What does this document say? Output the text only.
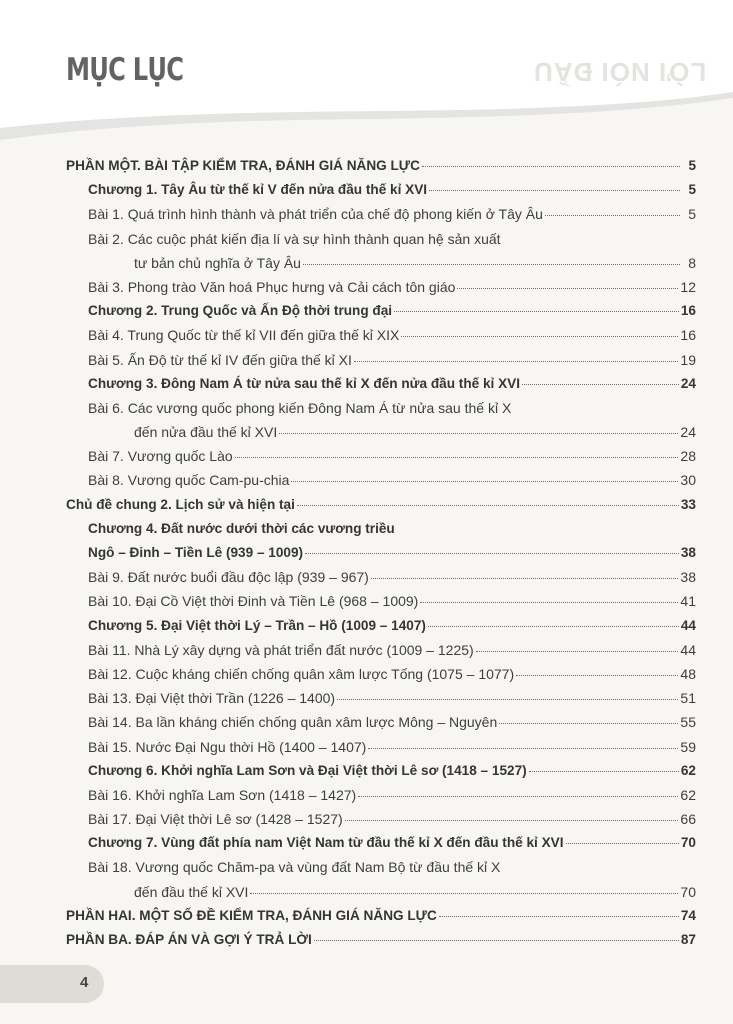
MỤC LỤC	LỜI NÓI ĐẦU
PHẦN MỘT. BÀI TẬP KIỂM TRA, ĐÁNH GIÁ NĂNG LỰC	5
Chương 1. Tây Âu từ thế kỉ V đến nửa đầu thế kỉ XVI	5
Bài 1. Quá trình hình thành và phát triển của chế độ phong kiến ở Tây Âu	5
Bài 2. Các cuộc phát kiến địa lí và sự hình thành quan hệ sản xuất
tư bản chủ nghĩa ở Tây Âu	8
Bài 3. Phong trào Văn hoá Phục hưng và Cải cách tôn giáo	12
Chương 2. Trung Quốc và Ấn Độ thời trung đại	16
Bài 4. Trung Quốc từ thế kỉ VII đến giữa thế kỉ XIX	16
Bài 5. Ấn Độ từ thế kỉ IV đến giữa thế kỉ XI	19
Chương 3. Đông Nam Á từ nửa sau thế kỉ X đến nửa đầu thế kỉ XVI	24
Bài 6. Các vương quốc phong kiến Đông Nam Á từ nửa sau thế kỉ X
đến nửa đầu thế kỉ XVI	24
Bài 7. Vương quốc Lào	28
Bài 8. Vương quốc Cam-pu-chia	30
Chủ đề chung 2. Lịch sử và hiện tại	33
Chương 4. Đất nước dưới thời các vương triều
Ngô – Đinh – Tiền Lê (939 – 1009)	38
Bài 9. Đất nước buổi đầu độc lập (939 – 967)	38
Bài 10. Đại Cồ Việt thời Đinh và Tiền Lê (968 – 1009)	41
Chương 5. Đại Việt thời Lý – Trần – Hồ (1009 – 1407)	44
Bài 11. Nhà Lý xây dựng và phát triển đất nước (1009 – 1225)	44
Bài 12. Cuộc kháng chiến chống quân xâm lược Tống (1075 – 1077)	48
Bài 13. Đại Việt thời Trần (1226 – 1400)	51
Bài 14. Ba lần kháng chiến chống quân xâm lược Mông – Nguyên	55
Bài 15. Nước Đại Ngu thời Hồ (1400 – 1407)	59
Chương 6. Khởi nghĩa Lam Sơn và Đại Việt thời Lê sơ (1418 – 1527)	62
Bài 16. Khởi nghĩa Lam Sơn (1418 – 1427)	62
Bài 17. Đại Việt thời Lê sơ (1428 – 1527)	66
Chương 7. Vùng đất phía nam Việt Nam từ đầu thế kỉ X đến đầu thế kỉ XVI	70
Bài 18. Vương quốc Chăm-pa và vùng đất Nam Bộ từ đầu thế kỉ X
đến đầu thế kỉ XVI	70
PHẦN HAI. MỘT SỐ ĐỀ KIỂM TRA, ĐÁNH GIÁ NĂNG LỰC	74
PHẦN BA. ĐÁP ÁN VÀ GỢI Ý TRẢ LỜI	87
4
